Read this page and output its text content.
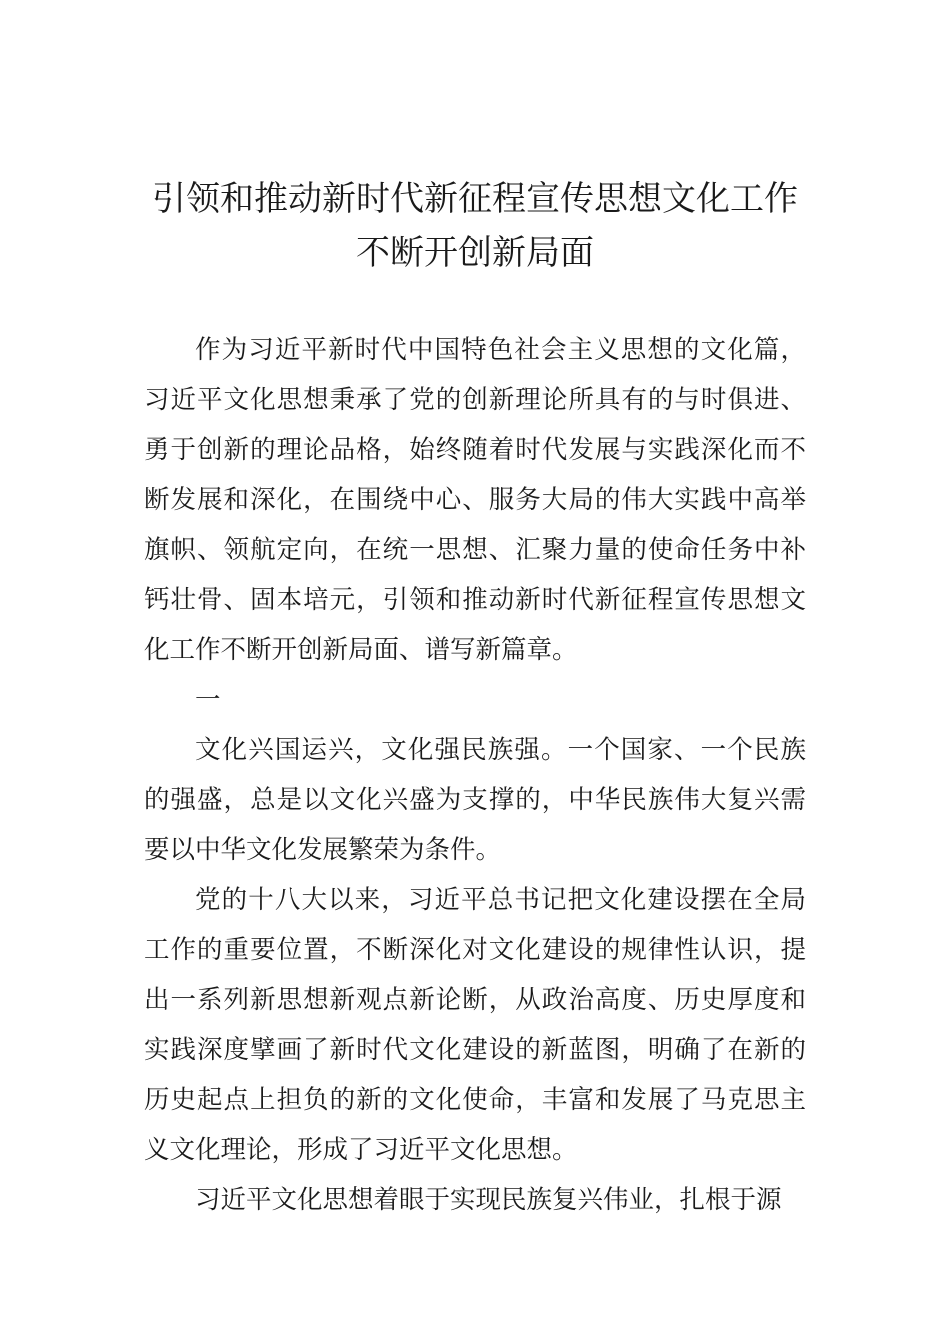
引领和推动新时代新征程宣传思想文化工作不断开创新局面

作为习近平新时代中国特色社会主义思想的文化篇，习近平文化思想秉承了党的创新理论所具有的与时俱进、勇于创新的理论品格，始终随着时代发展与实践深化而不断发展和深化，在围绕中心、服务大局的伟大实践中高举旗帜、领航定向，在统一思想、汇聚力量的使命任务中补钙壮骨、固本培元，引领和推动新时代新征程宣传思想文化工作不断开创新局面、谱写新篇章。

一

文化兴国运兴，文化强民族强。一个国家、一个民族的强盛，总是以文化兴盛为支撑的，中华民族伟大复兴需要以中华文化发展繁荣为条件。

党的十八大以来，习近平总书记把文化建设摆在全局工作的重要位置，不断深化对文化建设的规律性认识，提出一系列新思想新观点新论断，从政治高度、历史厚度和实践深度擘画了新时代文化建设的新蓝图，明确了在新的历史起点上担负的新的文化使命，丰富和发展了马克思主义文化理论，形成了习近平文化思想。

习近平文化思想着眼于实现民族复兴伟业，扎根于源
